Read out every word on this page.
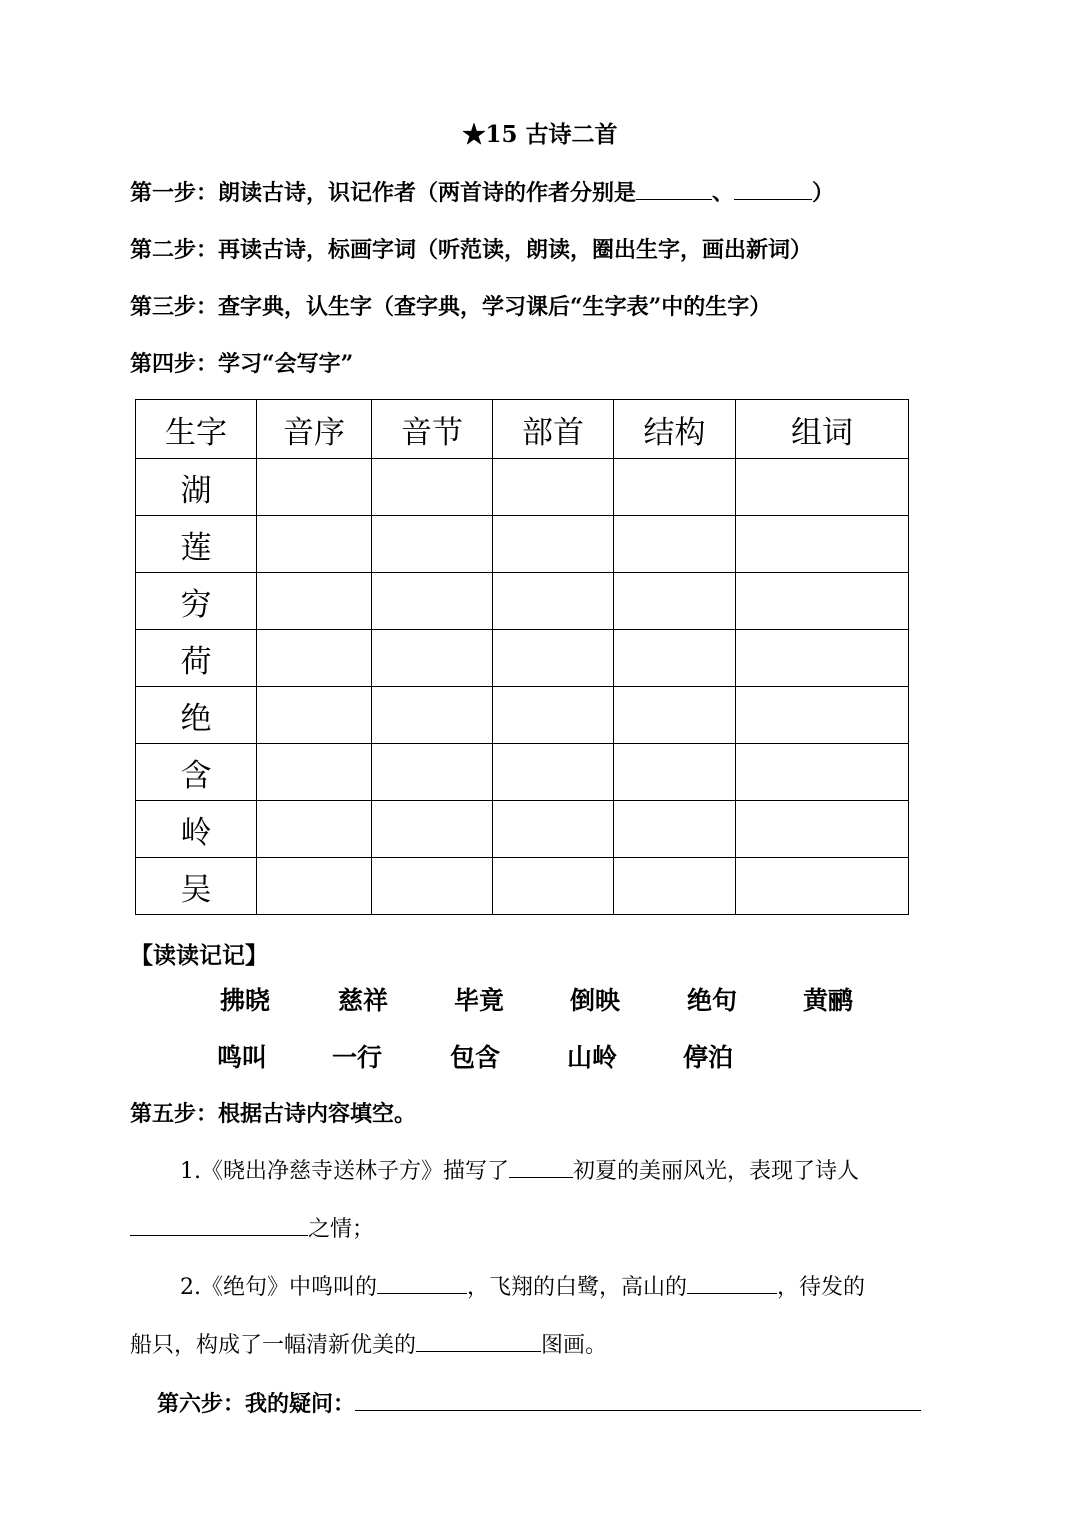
★15 古诗二首
第一步：朗读古诗，识记作者（两首诗的作者分别是	、	）
第二步：再读古诗，标画字词（听范读，朗读，圈出生字，画出新词）
第三步：查字典，认生字（查字典，学习课后“生字表”中的生字）
第四步：学习“会写字”
生字	音序	音节	部首	结构	组词
湖					
莲					
穷					
荷					
绝					
含					
岭					
吴					
【读读记记】
拂晓	慈祥	毕竟	倒映	绝句	黄鹂
鸣叫	一行	包含	山岭	停泊
第五步：根据古诗内容填空。
1.《晓出净慈寺送林子方》描写了	初夏的美丽风光，表现了诗人
之情；
2.《绝句》中鸣叫的	，飞翔的白鹭，高山的	，待发的
船只，构成了一幅清新优美的	图画。
第六步：我的疑问：
